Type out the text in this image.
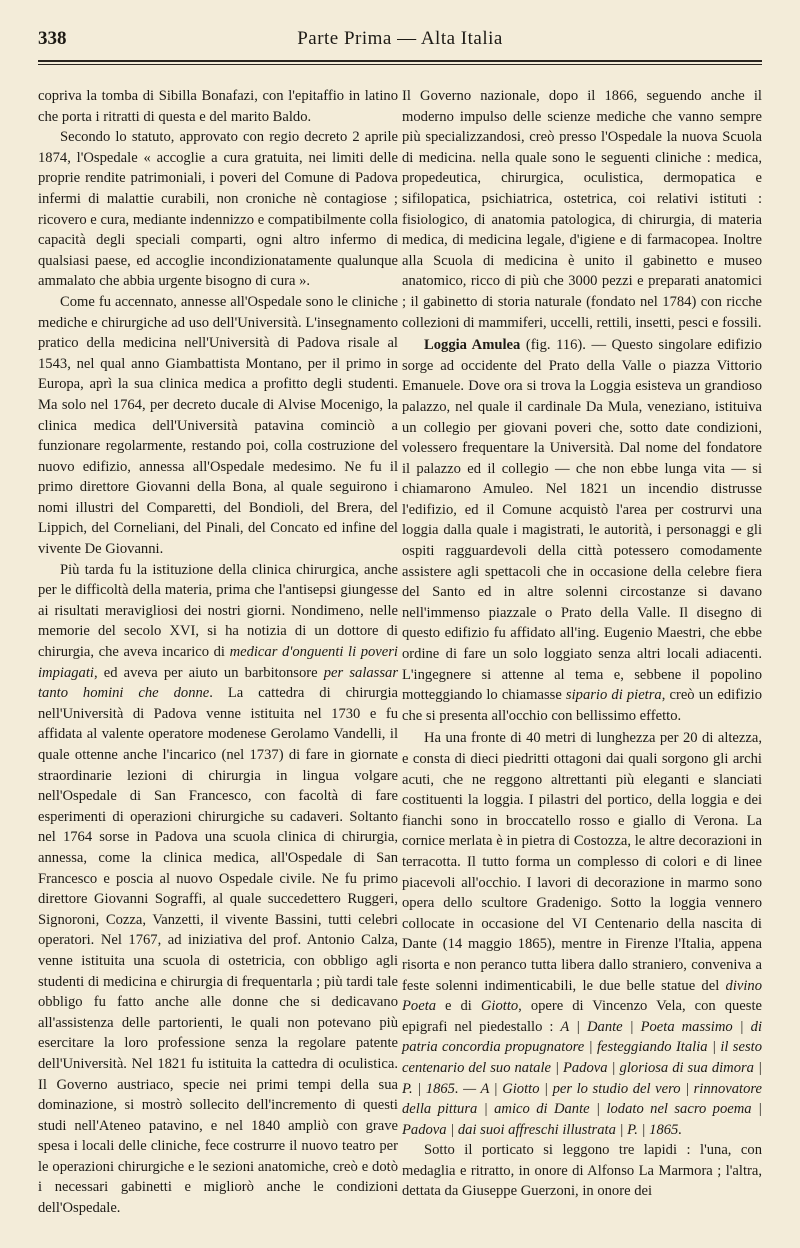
338	Parte Prima — Alta Italia

copriva la tomba di Sibilla Bonafazi, con l'epitaffio in latino che porta i ritratti di questa e del marito Baldo.

Secondo lo statuto, approvato con regio decreto 2 aprile 1874, l'Ospedale « accoglie a cura gratuita, nei limiti delle proprie rendite patrimoniali, i poveri del Comune di Padova infermi di malattie curabili, non croniche nè contagiose ; ricovero e cura, mediante indennizzo e compatibilmente colla capacità degli speciali comparti, ogni altro infermo di qualsiasi paese, ed accoglie incondizionatamente qualunque ammalato che abbia urgente bisogno di cura ».

Come fu accennato, annesse all'Ospedale sono le cliniche mediche e chirurgiche ad uso dell'Università. L'insegnamento pratico della medicina nell'Università di Padova risale al 1543, nel qual anno Giambattista Montano, per il primo in Europa, aprì la sua clinica medica a profitto degli studenti. Ma solo nel 1764, per decreto ducale di Alvise Mocenigo, la clinica medica dell'Università patavina cominciò a funzionare regolarmente, restando poi, colla costruzione del nuovo edifizio, annessa all'Ospedale medesimo. Ne fu il primo direttore Giovanni della Bona, al quale seguirono i nomi illustri del Comparetti, del Bondioli, del Brera, del Lippich, del Corneliani, del Pinali, del Concato ed infine del vivente De Giovanni.

Più tarda fu la istituzione della clinica chirurgica, anche per le difficoltà della materia, prima che l'antisepsi giungesse ai risultati meravigliosi dei nostri giorni. Nondimeno, nelle memorie del secolo XVI, si ha notizia di un dottore di chirurgia, che aveva incarico di medicar d'onguenti li poveri impiagati, ed aveva per aiuto un barbitonsore per salassar tanto homini che donne. La cattedra di chirurgia nell'Università di Padova venne istituita nel 1730 e fu affidata al valente operatore modenese Gerolamo Vandelli, il quale ottenne anche l'incarico (nel 1737) di fare in giornate straordinarie lezioni di chirurgia in lingua volgare nell'Ospedale di San Francesco, con facoltà di fare esperimenti di operazioni chirurgiche su cadaveri. Soltanto nel 1764 sorse in Padova una scuola clinica di chirurgia, annessa, come la clinica medica, all'Ospedale di San Francesco e poscia al nuovo Ospedale civile. Ne fu primo direttore Giovanni Sograffi, al quale succedettero Ruggeri, Signoroni, Cozza, Vanzetti, il vivente Bassini, tutti celebri operatori. Nel 1767, ad iniziativa del prof. Antonio Calza, venne istituita una scuola di ostetricia, con obbligo agli studenti di medicina e chirurgia di frequentarla ; più tardi tale obbligo fu fatto anche alle donne che si dedicavano all'assistenza delle partorienti, le quali non potevano più esercitare la loro professione senza la regolare patente dell'Università. Nel 1821 fu istituita la cattedra di oculistica. Il Governo austriaco, specie nei primi tempi della sua dominazione, si mostrò sollecito dell'incremento di questi studi nell'Ateneo patavino, e nel 1840 ampliò con grave spesa i locali delle cliniche, fece costrurre il nuovo teatro per le operazioni chirurgiche e le sezioni anatomiche, creò e dotò i necessari gabinetti e migliorò anche le condizioni dell'Ospedale.

Il Governo nazionale, dopo il 1866, seguendo anche il moderno impulso delle scienze mediche che vanno sempre più specializzandosi, creò presso l'Ospedale la nuova Scuola di medicina. nella quale sono le seguenti cliniche : medica, propedeutica, chirurgica, oculistica, dermopatica e sifilopatica, psichiatrica, ostetrica, coi relativi istituti : fisiologico, di anatomia patologica, di chirurgia, di materia medica, di medicina legale, d'igiene e di farmacopea. Inoltre alla Scuola di medicina è unito il gabinetto e museo anatomico, ricco di più che 3000 pezzi e preparati anatomici ; il gabinetto di storia naturale (fondato nel 1784) con ricche collezioni di mammiferi, uccelli, rettili, insetti, pesci e fossili.

Loggia Amulea (fig. 116). — Questo singolare edifizio sorge ad occidente del Prato della Valle o piazza Vittorio Emanuele. Dove ora si trova la Loggia esisteva un grandioso palazzo, nel quale il cardinale Da Mula, veneziano, istituiva un collegio per giovani poveri che, sotto date condizioni, volessero frequentare la Università. Dal nome del fondatore il palazzo ed il collegio — che non ebbe lunga vita — si chiamarono Amuleo. Nel 1821 un incendio distrusse l'edifizio, ed il Comune acquistò l'area per costrurvi una loggia dalla quale i magistrati, le autorità, i personaggi e gli ospiti ragguardevoli della città potessero comodamente assistere agli spettacoli che in occasione della celebre fiera del Santo ed in altre solenni circostanze si davano nell'immenso piazzale o Prato della Valle. Il disegno di questo edifizio fu affidato all'ing. Eugenio Maestri, che ebbe ordine di fare un solo loggiato senza altri locali adiacenti. L'ingegnere si attenne al tema e, sebbene il popolino motteggiando lo chiamasse sipario di pietra, creò un edifizio che si presenta all'occhio con bellissimo effetto.

Ha una fronte di 40 metri di lunghezza per 20 di altezza, e consta di dieci piedritti ottagoni dai quali sorgono gli archi acuti, che ne reggono altrettanti più eleganti e slanciati costituenti la loggia. I pilastri del portico, della loggia e dei fianchi sono in broccatello rosso e giallo di Verona. La cornice merlata è in pietra di Costozza, le altre decorazioni in terracotta. Il tutto forma un complesso di colori e di linee piacevoli all'occhio. I lavori di decorazione in marmo sono opera dello scultore Gradenigo. Sotto la loggia vennero collocate in occasione del VI Centenario della nascita di Dante (14 maggio 1865), mentre in Firenze l'Italia, appena risorta e non peranco tutta libera dallo straniero, conveniva a feste solenni indimenticabili, le due belle statue del divino Poeta e di Giotto, opere di Vincenzo Vela, con queste epigrafi nel piedestallo : A | Dante | Poeta massimo | di patria concordia propugnatore | festeggiando Italia | il sesto centenario del suo natale | Padova | gloriosa di sua dimora | P. | 1865. — A | Giotto | per lo studio del vero | rinnovatore della pittura | amico di Dante | lodato nel sacro poema | Padova | dai suoi affreschi illustrata | P. | 1865.

Sotto il porticato si leggono tre lapidi : l'una, con medaglia e ritratto, in onore di Alfonso La Marmora ; l'altra, dettata da Giuseppe Guerzoni, in onore dei
